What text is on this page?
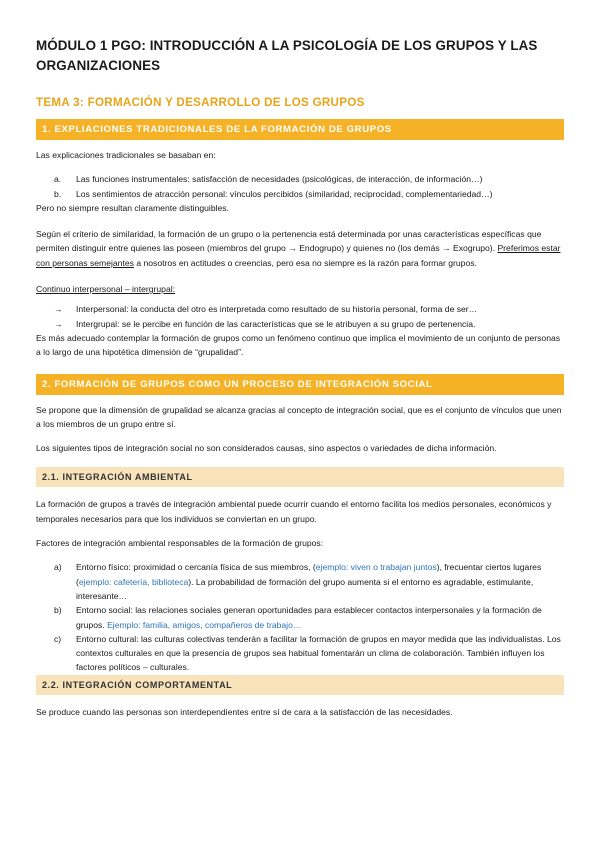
MÓDULO 1 PGO: INTRODUCCIÓN A LA PSICOLOGÍA DE LOS GRUPOS Y LAS
ORGANIZACIONES
TEMA 3: FORMACIÓN Y DESARROLLO DE LOS GRUPOS
1. EXPLIACIONES TRADICIONALES DE LA FORMACIÓN DE GRUPOS

Las explicaciones tradicionales se basaban en:

a.	Las funciones instrumentales: satisfacción de necesidades (psicológicas, de interacción, de información…)
b.	Los sentimientos de atracción personal: vínculos percibidos (similaridad, reciprocidad, complementariedad…)

Pero no siempre resultan claramente distinguibles.

Según el criterio de similaridad, la formación de un grupo o la pertenencia está determinada por unas características específicas que permiten distinguir entre quienes las poseen (miembros del grupo → Endogrupo) y quienes no (los demás → Exogrupo). Preferimos estar con personas semejantes a nosotros en actitudes o creencias, pero esa no siempre es la razón para formar grupos.

Continuo interpersonal – intergrupal:

→	Interpersonal: la conducta del otro es interpretada como resultado de su historia personal, forma de ser…
→	Intergrupal: se le percibe en función de las características que se le atribuyen a su grupo de pertenencia.

Es más adecuado contemplar la formación de grupos como un fenómeno continuo que implica el movimiento de un conjunto de personas a lo largo de una hipotética dimensión de “grupalidad”.

2. FORMACIÓN DE GRUPOS COMO UN PROCESO DE INTEGRACIÓN SOCIAL

Se propone que la dimensión de grupalidad se alcanza gracias al concepto de integración social, que es el conjunto de vínculos que unen a los miembros de un grupo entre sí.

Los siguientes tipos de integración social no son considerados causas, sino aspectos o variedades de dicha información.

2.1. INTEGRACIÓN AMBIENTAL

La formación de grupos a través de integración ambiental puede ocurrir cuando el entorno facilita los medios personales, económicos y temporales necesarios para que los individuos se conviertan en un grupo.

Factores de integración ambiental responsables de la formación de grupos:

a)	Entorno físico: proximidad o cercanía física de sus miembros, (ejemplo: viven o trabajan juntos), frecuentar ciertos lugares (ejemplo: cafetería, biblioteca). La probabilidad de formación del grupo aumenta si el entorno es agradable, estimulante, interesante…
b)	Entorno social: las relaciones sociales generan oportunidades para establecer contactos interpersonales y la formación de grupos. Ejemplo: familia, amigos, compañeros de trabajo…
c)	Entorno cultural: las culturas colectivas tenderán a facilitar la formación de grupos en mayor medida que las individualistas. Los contextos culturales en que la presencia de grupos sea habitual fomentarán un clima de colaboración. También influyen los factores políticos – culturales.
2.2. INTEGRACIÓN COMPORTAMENTAL

Se produce cuando las personas son interdependientes entre sí de cara a la satisfacción de las necesidades.
